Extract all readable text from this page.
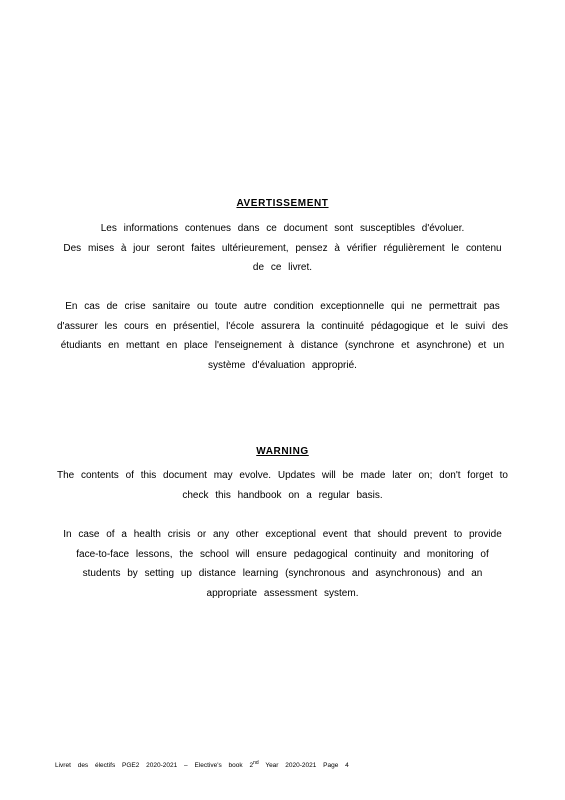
AVERTISSEMENT
Les informations contenues dans ce document sont susceptibles d'évoluer.
Des mises à jour seront faites ultérieurement, pensez à vérifier régulièrement le contenu
de ce livret.
En cas de crise sanitaire ou toute autre condition exceptionnelle qui ne permettrait pas
d'assurer les cours en présentiel, l'école assurera la continuité pédagogique et le suivi des
étudiants en mettant en place l'enseignement à distance (synchrone et asynchrone) et un
système d'évaluation approprié.
WARNING
The contents of this document may evolve. Updates will be made later on; don't forget to
check this handbook on a regular basis.
In case of a health crisis or any other exceptional event that should prevent to provide
face-to-face lessons, the school will ensure pedagogical continuity and monitoring of
students by setting up distance learning (synchronous and asynchronous) and an
appropriate assessment system.
Livret des électifs PGE2 2020-2021 – Elective's book 2nd Year 2020-2021 Page 4
